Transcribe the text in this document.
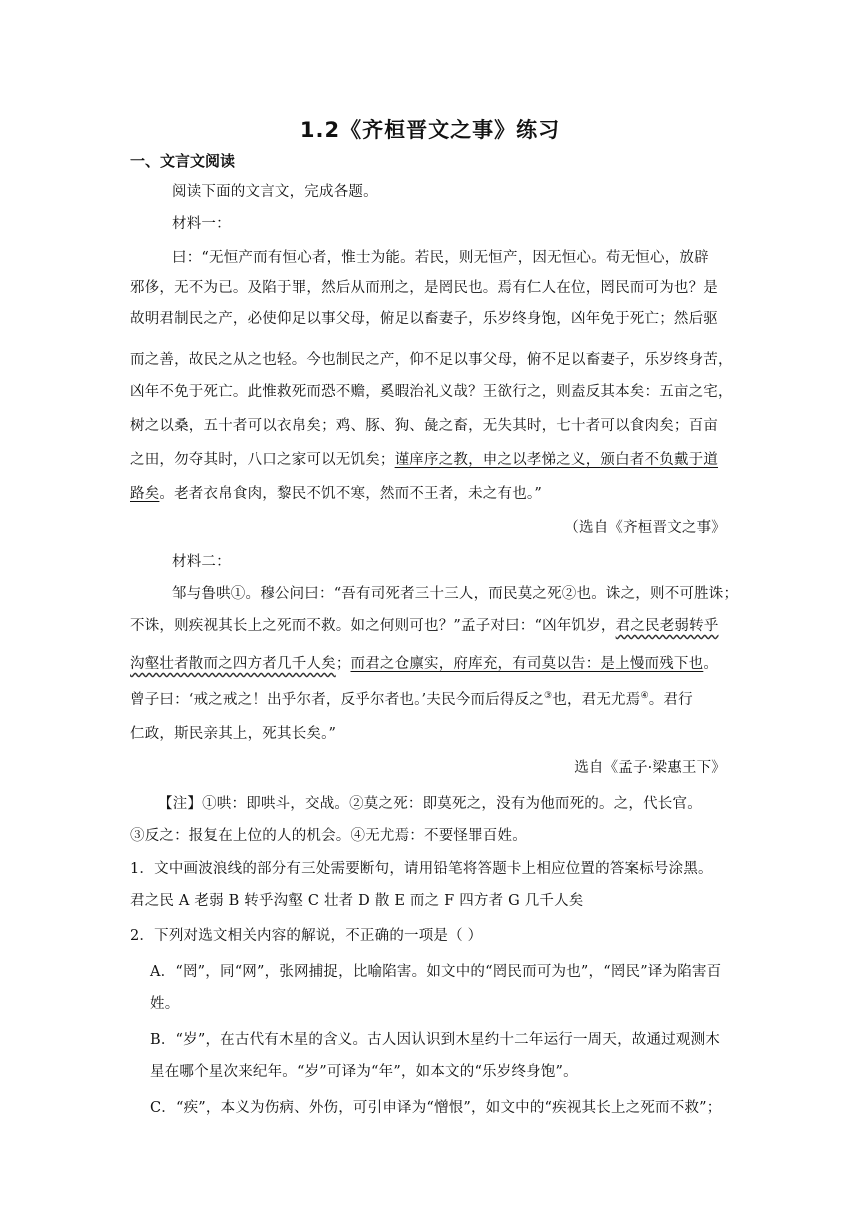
1.2《齐桓晋文之事》练习
一、文言文阅读
阅读下面的文言文，完成各题。
材料一：
曰：“无恒产而有恒心者，惟士为能。若民，则无恒产，因无恒心。苟无恒心，放辟
邪侈，无不为已。及陷于罪，然后从而刑之，是罔民也。焉有仁人在位，罔民而可为也？是
故明君制民之产，必使仰足以事父母，俯足以畜妻子，乐岁终身饱，凶年免于死亡；然后驱
而之善，故民之从之也轻。今也制民之产，仰不足以事父母，俯不足以畜妻子，乐岁终身苦，
凶年不免于死亡。此惟救死而恐不赡，奚暇治礼义哉？王欲行之，则盍反其本矣：五亩之宅，
树之以桑，五十者可以衣帛矣；鸡、豚、狗、彘之畜，无失其时，七十者可以食肉矣；百亩
之田，勿夺其时，八口之家可以无饥矣；谨庠序之教，申之以孝悌之义，颁白者不负戴于道
路矣。老者衣帛食肉，黎民不饥不寒，然而不王者，未之有也。”
（选自《齐桓晋文之事》
材料二：
邹与鲁哄①。穆公问曰：“吾有司死者三十三人，而民莫之死②也。诛之，则不可胜诛；
不诛，则疾视其长上之死而不救。如之何则可也？”孟子对曰：“凶年饥岁，君之民老弱转乎
沟壑壮者散而之四方者几千人矣；而君之仓廪实，府库充，有司莫以告：是上慢而残下也。
曾子曰：‘戒之戒之！出乎尔者，反乎尔者也。’夫民今而后得反之③也，君无尤焉④。君行
仁政，斯民亲其上，死其长矣。”
选自《孟子·梁惠王下》
【注】①哄：即哄斗，交战。②莫之死：即莫死之，没有为他而死的。之，代长官。
③反之：报复在上位的人的机会。④无尤焉：不要怪罪百姓。
1．文中画波浪线的部分有三处需要断句，请用铅笔将答题卡上相应位置的答案标号涂黑。
君之民 A 老弱 B 转乎沟壑 C 壮者 D 散 E 而之 F 四方者 G 几千人矣
2．下列对选文相关内容的解说，不正确的一项是（ ）
A．“罔”，同“网”，张网捕捉，比喻陷害。如文中的“罔民而可为也”，“罔民”译为陷害百
姓。
B．“岁”，在古代有木星的含义。古人因认识到木星约十二年运行一周天，故通过观测木
星在哪个星次来纪年。“岁”可译为“年”，如本文的“乐岁终身饱”。
C．“疾”，本义为伤病、外伤，可引申译为“憎恨”，如文中的“疾视其长上之死而不救”；
